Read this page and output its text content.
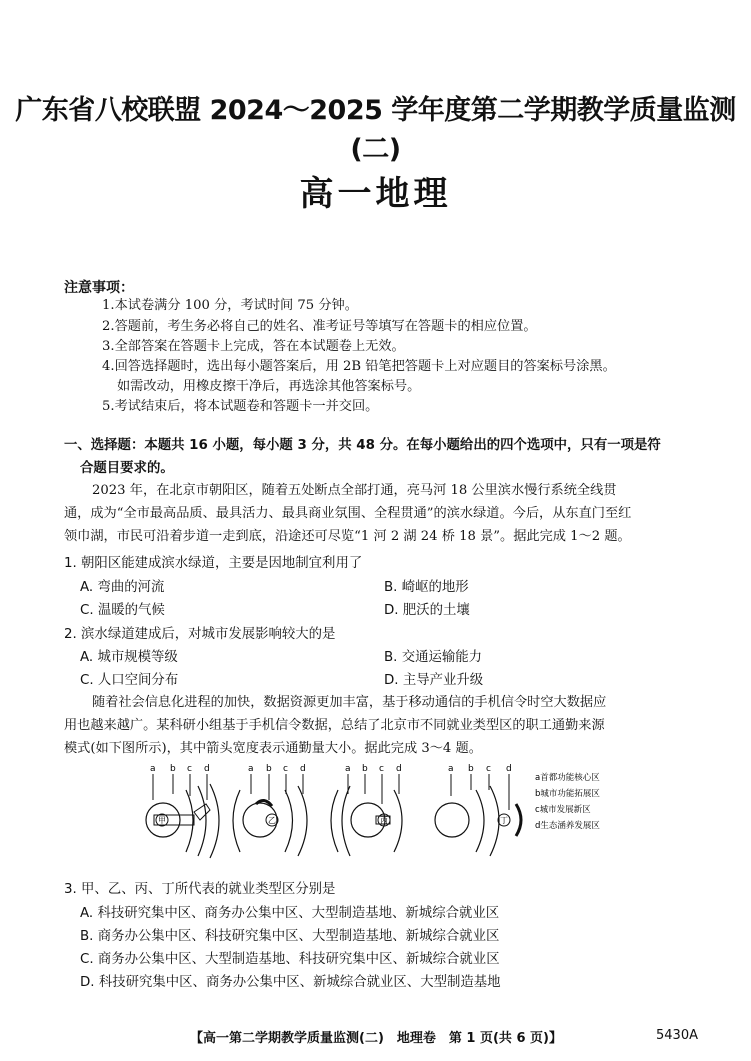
广东省八校联盟 2024～2025 学年度第二学期教学质量监测(二)
高一地理
注意事项：
1.本试卷满分 100 分，考试时间 75 分钟。
2.答题前，考生务必将自己的姓名、准考证号等填写在答题卡的相应位置。
3.全部答案在答题卡上完成，答在本试题卷上无效。
4.回答选择题时，选出每小题答案后，用 2B 铅笔把答题卡上对应题目的答案标号涂黑。
如需改动，用橡皮擦干净后，再选涂其他答案标号。
5.考试结束后，将本试题卷和答题卡一并交回。
一、选择题：本题共 16 小题，每小题 3 分，共 48 分。在每小题给出的四个选项中，只有一项是符
合题目要求的。
2023 年，在北京市朝阳区，随着五处断点全部打通，亮马河 18 公里滨水慢行系统全线贯
通，成为“全市最高品质、最具活力、最具商业氛围、全程贯通”的滨水绿道。今后，从东直门至红
领巾湖，市民可沿着步道一走到底，沿途还可尽览“1 河 2 湖 24 桥 18 景”。据此完成 1～2 题。
1. 朝阳区能建成滨水绿道，主要是因地制宜利用了
A. 弯曲的河流	B. 崎岖的地形
C. 温暖的气候	D. 肥沃的土壤
2. 滨水绿道建成后，对城市发展影响较大的是
A. 城市规模等级	B. 交通运输能力
C. 人口空间分布	D. 主导产业升级
随着社会信息化进程的加快，数据资源更加丰富，基于移动通信的手机信令时空大数据应
用也越来越广。某科研小组基于手机信令数据，总结了北京市不同就业类型区的职工通勤来源
模式(如下图所示)，其中箭头宽度表示通勤量大小。据此完成 3～4 题。
a b c d
甲
a b c d
乙
a b c d
丙
a b c d
丁
a首都功能核心区
b城市功能拓展区
c城市发展新区
d生态涵养发展区
3. 甲、乙、丙、丁所代表的就业类型区分别是
A. 科技研究集中区、商务办公集中区、大型制造基地、新城综合就业区
B. 商务办公集中区、科技研究集中区、大型制造基地、新城综合就业区
C. 商务办公集中区、大型制造基地、科技研究集中区、新城综合就业区
D. 科技研究集中区、商务办公集中区、新城综合就业区、大型制造基地
【高一第二学期教学质量监测(二)　地理卷　第 1 页(共 6 页)】	5430A
